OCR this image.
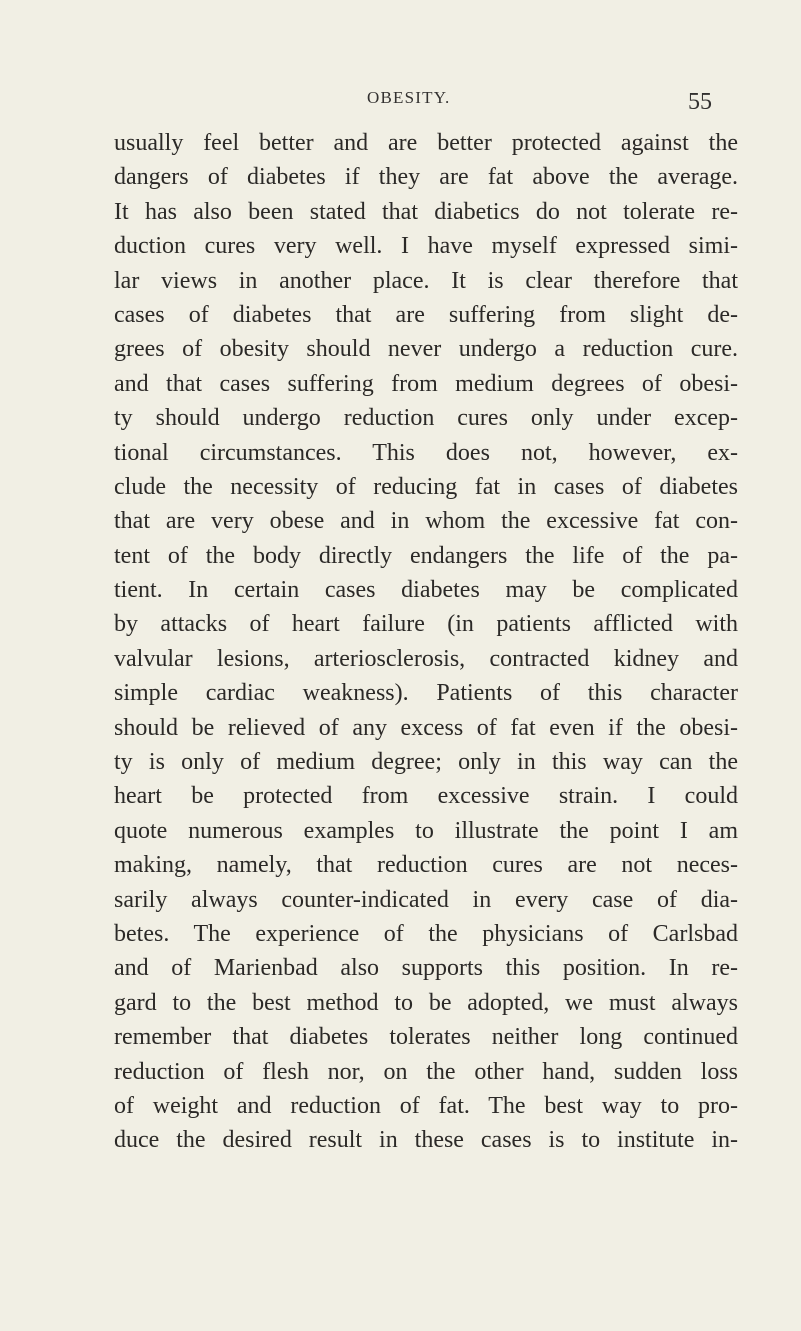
OBESITY.	55
usually feel better and are better protected against the
dangers of diabetes if they are fat above the average.
It has also been stated that diabetics do not tolerate re-
duction cures very well. I have myself expressed simi-
lar views in another place. It is clear therefore that
cases of diabetes that are suffering from slight de-
grees of obesity should never undergo a reduction cure.
and that cases suffering from medium degrees of obesi-
ty should undergo reduction cures only under excep-
tional circumstances. This does not, however, ex-
clude the necessity of reducing fat in cases of diabetes
that are very obese and in whom the excessive fat con-
tent of the body directly endangers the life of the pa-
tient. In certain cases diabetes may be complicated
by attacks of heart failure (in patients afflicted with
valvular lesions, arteriosclerosis, contracted kidney and
simple cardiac weakness). Patients of this character
should be relieved of any excess of fat even if the obesi-
ty is only of medium degree; only in this way can the
heart be protected from excessive strain. I could
quote numerous examples to illustrate the point I am
making, namely, that reduction cures are not neces-
sarily always counter-indicated in every case of dia-
betes. The experience of the physicians of Carlsbad
and of Marienbad also supports this position. In re-
gard to the best method to be adopted, we must always
remember that diabetes tolerates neither long continued
reduction of flesh nor, on the other hand, sudden loss
of weight and reduction of fat. The best way to pro-
duce the desired result in these cases is to institute in-
